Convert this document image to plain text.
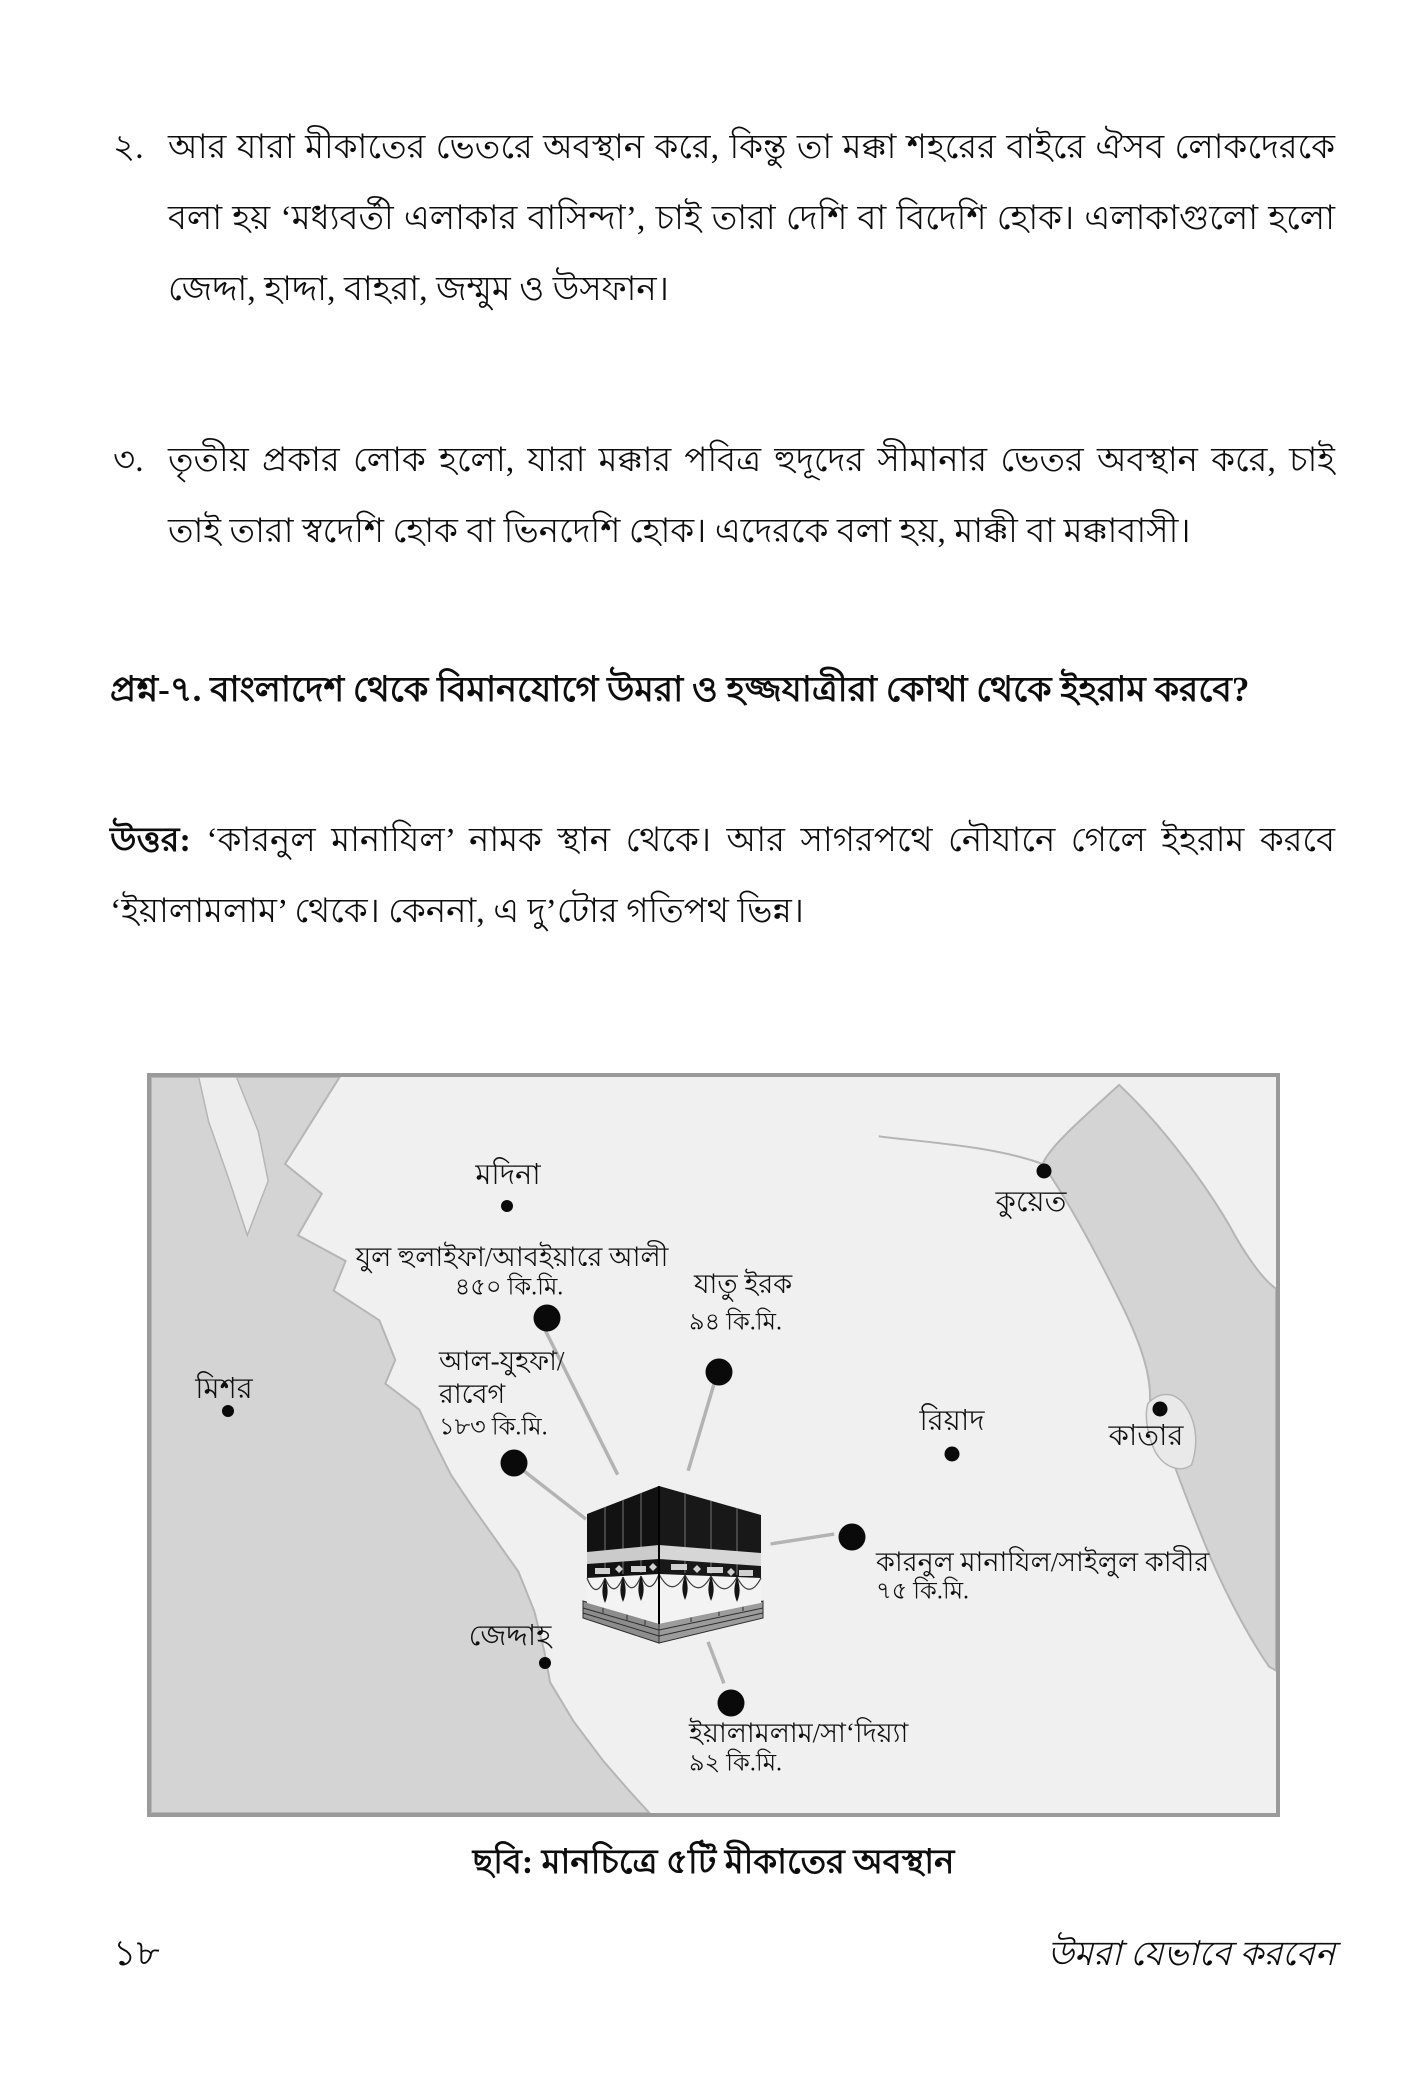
২. আর যারা মীকাতের ভেতরে অবস্থান করে, কিন্তু তা মক্কা শহরের বাইরে ঐসব লোকদেরকে বলা হয় ‘মধ্যবর্তী এলাকার বাসিন্দা’, চাই তারা দেশি বা বিদেশি হোক। এলাকাগুলো হলো জেদ্দা, হাদ্দা, বাহরা, জম্মুম ও উসফান।
৩. তৃতীয় প্রকার লোক হলো, যারা মক্কার পবিত্র হুদূদের সীমানার ভেতর অবস্থান করে, চাই তাই তারা স্বদেশি হোক বা ভিনদেশি হোক। এদেরকে বলা হয়, মাক্কী বা মক্কাবাসী।

প্রশ্ন-৭. বাংলাদেশ থেকে বিমানযোগে উমরা ও হজ্জযাত্রীরা কোথা থেকে ইহরাম করবে?

উত্তর: ‘কারনুল মানাযিল’ নামক স্থান থেকে। আর সাগরপথে নৌযানে গেলে ইহরাম করবে ‘ইয়ালামলাম’ থেকে। কেননা, এ দু’টোর গতিপথ ভিন্ন।

মদিনা
কুয়েত
রিয়াদ	কাতার
মিশর
জেদ্দাহ
যুল হুলাইফা/আবইয়ারে আলী
৪৫০ কি.মি.	যাতু ইরক
৯৪ কি.মি.
আল-যুহফা/
রাবেগ
১৮৩ কি.মি.
কারনুল মানাযিল/সাইলুল কাবীর
৭৫ কি.মি.
ইয়ালামলাম/সা‘দিয়্যা
৯২ কি.মি.
ছবি: মানচিত্রে ৫টি মীকাতের অবস্থান
১৮	উমরা যেভাবে করবেন
